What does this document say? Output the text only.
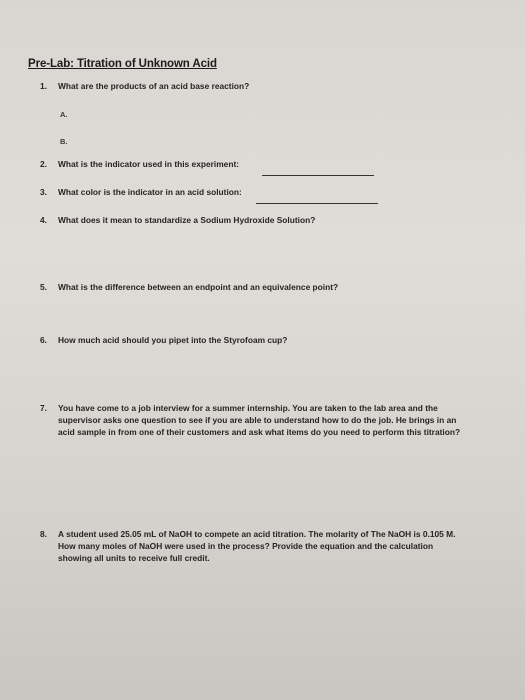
Pre-Lab: Titration of Unknown Acid
1. What are the products of an acid base reaction?
A.
B.
2. What is the indicator used in this experiment:
3. What color is the indicator in an acid solution:
4. What does it mean to standardize a Sodium Hydroxide Solution?
5. What is the difference between an endpoint and an equivalence point?
6. How much acid should you pipet into the Styrofoam cup?
7. You have come to a job interview for a summer internship. You are taken to the lab area and the supervisor asks one question to see if you are able to understand how to do the job. He brings in an acid sample in from one of their customers and ask what items do you need to perform this titration?
8. A student used 25.05 mL of NaOH to compete an acid titration. The molarity of The NaOH is 0.105 M. How many moles of NaOH were used in the process? Provide the equation and the calculation showing all units to receive full credit.
